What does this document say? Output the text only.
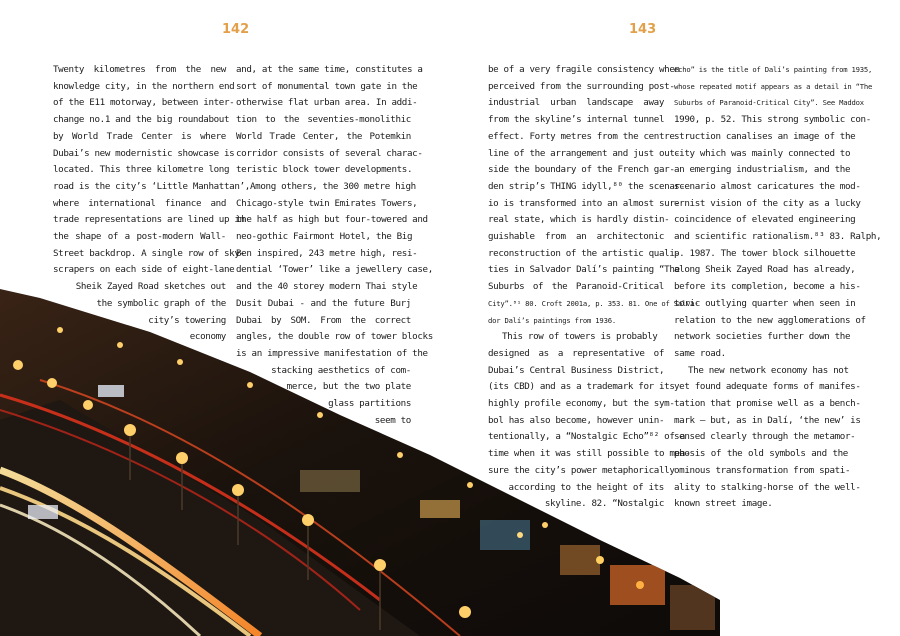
142	143

Twenty kilometres from the new

knowledge city, in the northern end

of the E11 motorway, between inter-

change no.1 and the big roundabout

by World Trade Center is where

Dubai’s new modernistic showcase is

located. This three kilometre long

road is the city’s ‘Little Manhattan’,

where international finance and

trade representations are lined up in

the shape of a post-modern Wall-

Street backdrop. A single row of sky-

scrapers on each side of eight-lane

Sheik Zayed Road sketches out

the symbolic graph of the

city’s towering

economy

and, at the same time, constitutes a

sort of monumental town gate in the

otherwise flat urban area. In addi-

tion to the seventies-monolithic

World Trade Center, the Potemkin

corridor consists of several charac-

teristic block tower developments.

Among others, the 300 metre high

Chicago-style twin Emirates Towers,

the half as high but four-towered and

neo-gothic Fairmont Hotel, the Big

Ben inspired, 243 metre high, resi-

dential ‘Tower’ like a jewellery case,

and the 40 storey modern Thai style

Dusit Dubai - and the future Burj

Dubai by SOM. From the correct

angles, the double row of tower blocks

is an impressive manifestation of the

stacking aesthetics of com-

merce, but the two plate

glass partitions

seem to

be of a very fragile consistency when

perceived from the surrounding post-

industrial urban landscape away

from the skyline’s internal tunnel

effect. Forty metres from the centre

line of the arrangement and just out-

side the boundary of the French gar-

den strip’s THING idyll,⁸⁰ the scenar-

io is transformed into an almost sur-

real state, which is hardly distin-

guishable from an architectonic

reconstruction of the artistic quali-

ties in Salvador Dalí’s painting “The

Suburbs of the Paranoid-Critical

City”.⁸¹ 80. Croft 2001a, p. 353. 81. One of Salva-

dor Dalí’s paintings from 1936.

This row of towers is probably

designed as a representative of

Dubai’s Central Business District,

(its CBD) and as a trademark for its

highly profile economy, but the sym-

bol has also become, however unin-

tentionally, a “Nostalgic Echo”⁸² of a

time when it was still possible to mea-

sure the city’s power metaphorically

according to the height of its

skyline. 82. “Nostalgic

echo” is the title of Dalí’s painting from 1935,

whose repeated motif appears as a detail in “The

Suburbs of Paranoid-Critical City”. See Maddox

1990, p. 52. This strong symbolic con-

struction canalises an image of the

city which was mainly connected to

an emerging industrialism, and the

scenario almost caricatures the mod-

ernist vision of the city as a lucky

coincidence of elevated engineering

and scientific rationalism.⁸³ 83. Ralph,

p. 1987. The tower block silhouette

along Sheik Zayed Road has already,

before its completion, become a his-

toric outlying quarter when seen in

relation to the new agglomerations of

network societies further down the

same road.

The new network economy has not

yet found adequate forms of manifes-

tation that promise well as a bench-

mark – but, as in Dalí, ‘the new’ is

sensed clearly through the metamor-

phosis of the old symbols and the

ominous transformation from spati-

ality to stalking-horse of the well-

known street image.
